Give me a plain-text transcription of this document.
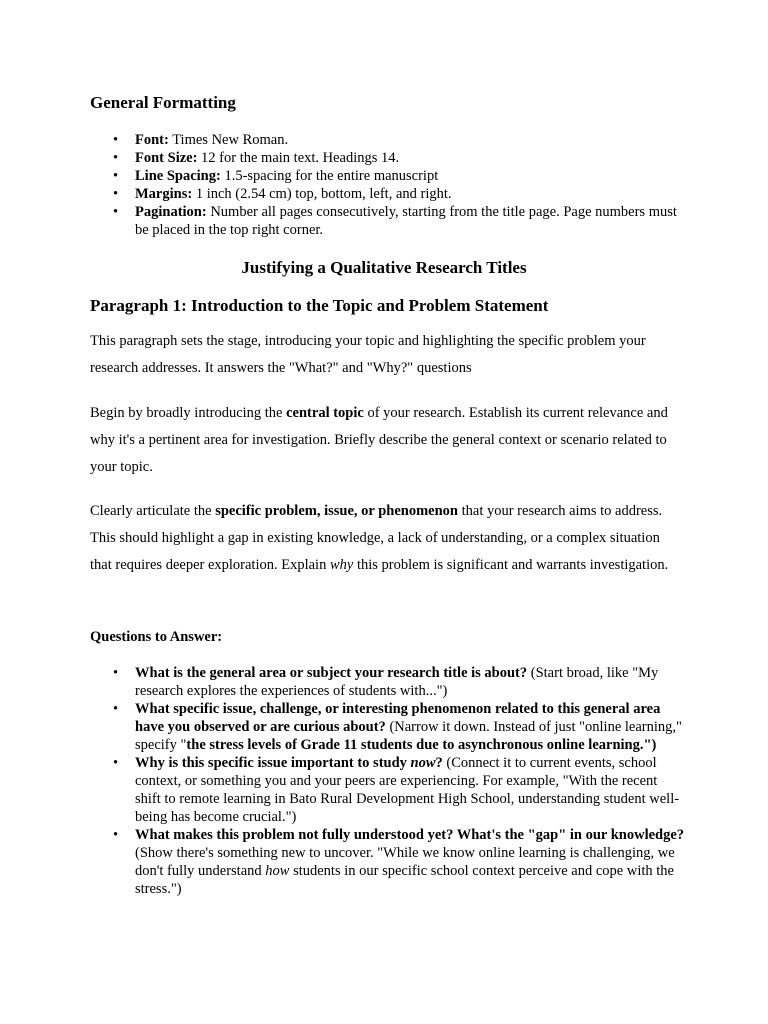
General Formatting
• Font: Times New Roman.
• Font Size: 12 for the main text. Headings 14.
• Line Spacing: 1.5-spacing for the entire manuscript
• Margins: 1 inch (2.54 cm) top, bottom, left, and right.
• Pagination: Number all pages consecutively, starting from the title page. Page numbers must be placed in the top right corner.
Justifying a Qualitative Research Titles
Paragraph 1: Introduction to the Topic and Problem Statement

This paragraph sets the stage, introducing your topic and highlighting the specific problem your research addresses. It answers the "What?" and "Why?" questions

Begin by broadly introducing the central topic of your research. Establish its current relevance and why it's a pertinent area for investigation. Briefly describe the general context or scenario related to your topic.

Clearly articulate the specific problem, issue, or phenomenon that your research aims to address. This should highlight a gap in existing knowledge, a lack of understanding, or a complex situation that requires deeper exploration. Explain why this problem is significant and warrants investigation.

Questions to Answer:

• What is the general area or subject your research title is about? (Start broad, like "My research explores the experiences of students with...")
• What specific issue, challenge, or interesting phenomenon related to this general area have you observed or are curious about? (Narrow it down. Instead of just "online learning," specify "the stress levels of Grade 11 students due to asynchronous online learning.")
• Why is this specific issue important to study now? (Connect it to current events, school context, or something you and your peers are experiencing. For example, "With the recent shift to remote learning in Bato Rural Development High School, understanding student well-being has become crucial.")
• What makes this problem not fully understood yet? What's the "gap" in our knowledge? (Show there's something new to uncover. "While we know online learning is challenging, we don't fully understand how students in our specific school context perceive and cope with the stress.")
